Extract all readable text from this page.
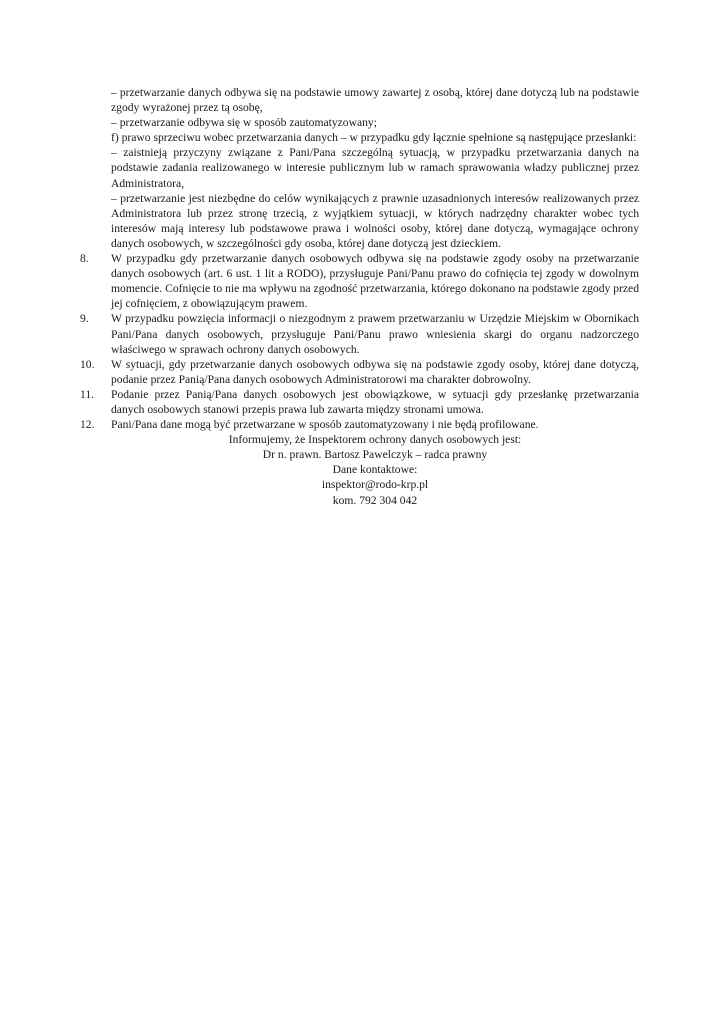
– przetwarzanie danych odbywa się na podstawie umowy zawartej z osobą, której dane dotyczą lub na podstawie zgody wyrażonej przez tą osobę,

– przetwarzanie odbywa się w sposób zautomatyzowany;

f) prawo sprzeciwu wobec przetwarzania danych – w przypadku gdy łącznie spełnione są następujące przesłanki:

– zaistnieją przyczyny związane z Pani/Pana szczególną sytuacją, w przypadku przetwarzania danych na podstawie zadania realizowanego w interesie publicznym lub w ramach sprawowania władzy publicznej przez Administratora,

– przetwarzanie jest niezbędne do celów wynikających z prawnie uzasadnionych interesów realizowanych przez Administratora lub przez stronę trzecią, z wyjątkiem sytuacji, w których nadrzędny charakter wobec tych interesów mają interesy lub podstawowe prawa i wolności osoby, której dane dotyczą, wymagające ochrony danych osobowych, w szczególności gdy osoba, której dane dotyczą jest dzieckiem.

8.	W przypadku gdy przetwarzanie danych osobowych odbywa się na podstawie zgody osoby na przetwarzanie danych osobowych (art. 6 ust. 1 lit a RODO), przysługuje Pani/Panu prawo do cofnięcia tej zgody w dowolnym momencie. Cofnięcie to nie ma wpływu na zgodność przetwarzania, którego dokonano na podstawie zgody przed jej cofnięciem, z obowiązującym prawem.
9.	W przypadku powzięcia informacji o niezgodnym z prawem przetwarzaniu w Urzędzie Miejskim w Obornikach Pani/Pana danych osobowych, przysługuje Pani/Panu prawo wniesienia skargi do organu nadzorczego właściwego w sprawach ochrony danych osobowych.
10.	W sytuacji, gdy przetwarzanie danych osobowych odbywa się na podstawie zgody osoby, której dane dotyczą, podanie przez Panią/Pana danych osobowych Administratorowi ma charakter dobrowolny.
11.	Podanie przez Panią/Pana danych osobowych jest obowiązkowe, w sytuacji gdy przesłankę przetwarzania danych osobowych stanowi przepis prawa lub zawarta między stronami umowa.
12.	Pani/Pana dane mogą być przetwarzane w sposób zautomatyzowany i nie będą profilowane.

Informujemy, że Inspektorem ochrony danych osobowych jest:

Dr n. prawn. Bartosz Pawelczyk – radca prawny

Dane kontaktowe:

inspektor@rodo-krp.pl

kom. 792 304 042
